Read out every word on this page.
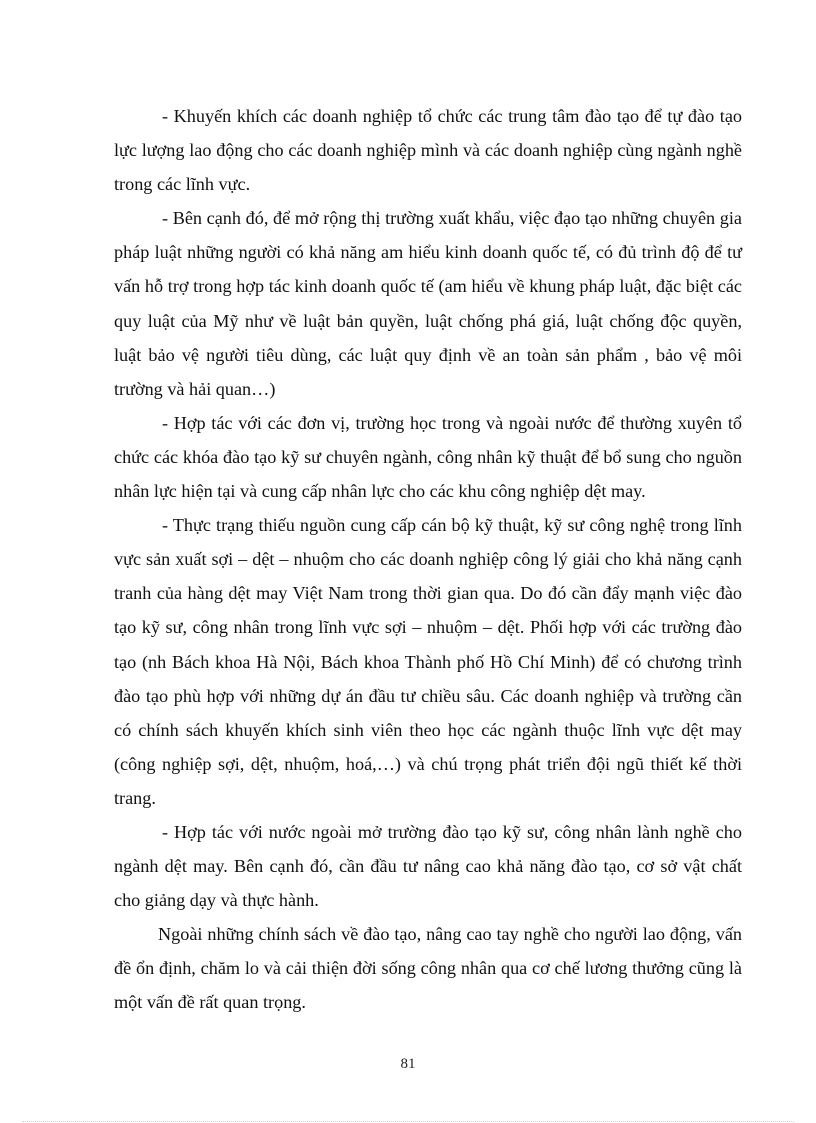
- Khuyến khích các doanh nghiệp tổ chức các trung tâm đào tạo để tự đào tạo lực lượng lao động cho các doanh nghiệp mình và các doanh nghiệp cùng ngành nghề trong các lĩnh vực.

- Bên cạnh đó, để mở rộng thị trường xuất khẩu, việc đạo tạo những chuyên gia pháp luật những người có khả năng am hiểu kinh doanh quốc tế, có đủ trình độ để tư vấn hỗ trợ trong hợp tác kinh doanh quốc tế (am hiểu về khung pháp luật, đặc biệt các quy luật của Mỹ như về luật bản quyền, luật chống phá giá, luật chống độc quyền, luật bảo vệ người tiêu dùng, các luật quy định về an toàn sản phẩm , bảo vệ môi trường và hải quan…)

- Hợp tác với các đơn vị, trường học trong và ngoài nước để thường xuyên tổ chức các khóa đào tạo kỹ sư chuyên ngành, công nhân kỹ thuật để bổ sung cho nguồn nhân lực hiện tại và cung cấp nhân lực cho các khu công nghiệp dệt may.

- Thực trạng thiếu nguồn cung cấp cán bộ kỹ thuật, kỹ sư công nghệ trong lĩnh vực sản xuất sợi – dệt – nhuộm cho các doanh nghiệp công lý giải cho khả năng cạnh tranh của hàng dệt may Việt Nam trong thời gian qua. Do đó cần đẩy mạnh việc đào tạo kỹ sư, công nhân trong lĩnh vực sợi – nhuộm – dệt. Phối hợp với các trường đào tạo (nh Bách khoa Hà Nội, Bách khoa Thành phố Hồ Chí Minh) để có chương trình đào tạo phù hợp với những dự án đầu tư chiều sâu. Các doanh nghiệp và trường cần có chính sách khuyến khích sinh viên theo học các ngành thuộc lĩnh vực dệt may (công nghiệp sợi, dệt, nhuộm, hoá,…) và chú trọng phát triển đội ngũ thiết kế thời trang.

- Hợp tác với nước ngoài mở trường đào tạo kỹ sư, công nhân lành nghề cho ngành dệt may. Bên cạnh đó, cần đầu tư nâng cao khả năng đào tạo, cơ sở vật chất cho giảng dạy và thực hành.

Ngoài những chính sách về đào tạo, nâng cao tay nghề cho người lao động, vấn đề ổn định, chăm lo và cải thiện đời sống công nhân qua cơ chế lương thưởng cũng là một vấn đề rất quan trọng.

81
